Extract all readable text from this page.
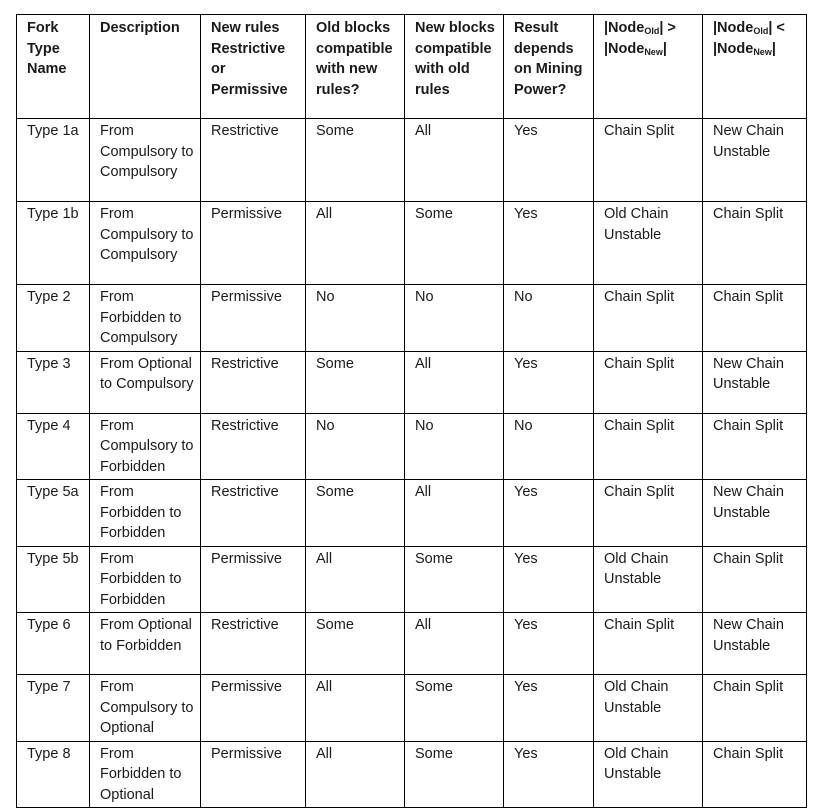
Fork Type Name	Description	New rules Restrictive or Permissive	Old blocks compatible with new rules?	New blocks compatible with old rules	Result depends on Mining Power?	|Node$_{Old}$| > |Node$_{New}$|	|Node$_{Old}$| < |Node$_{New}$|
Type 1a	From Compulsory to Compulsory	Restrictive	Some	All	Yes	Chain Split	New Chain Unstable
Type 1b	From Compulsory to Compulsory	Permissive	All	Some	Yes	Old Chain Unstable	Chain Split
Type 2	From Forbidden to Compulsory	Permissive	No	No	No	Chain Split	Chain Split
Type 3	From Optional to Compulsory	Restrictive	Some	All	Yes	Chain Split	New Chain Unstable
Type 4	From Compulsory to Forbidden	Restrictive	No	No	No	Chain Split	Chain Split
Type 5a	From Forbidden to Forbidden	Restrictive	Some	All	Yes	Chain Split	New Chain Unstable
Type 5b	From Forbidden to Forbidden	Permissive	All	Some	Yes	Old Chain Unstable	Chain Split
Type 6	From Optional to Forbidden	Restrictive	Some	All	Yes	Chain Split	New Chain Unstable
Type 7	From Compulsory to Optional	Permissive	All	Some	Yes	Old Chain Unstable	Chain Split
Type 8	From Forbidden to Optional	Permissive	All	Some	Yes	Old Chain Unstable	Chain Split
